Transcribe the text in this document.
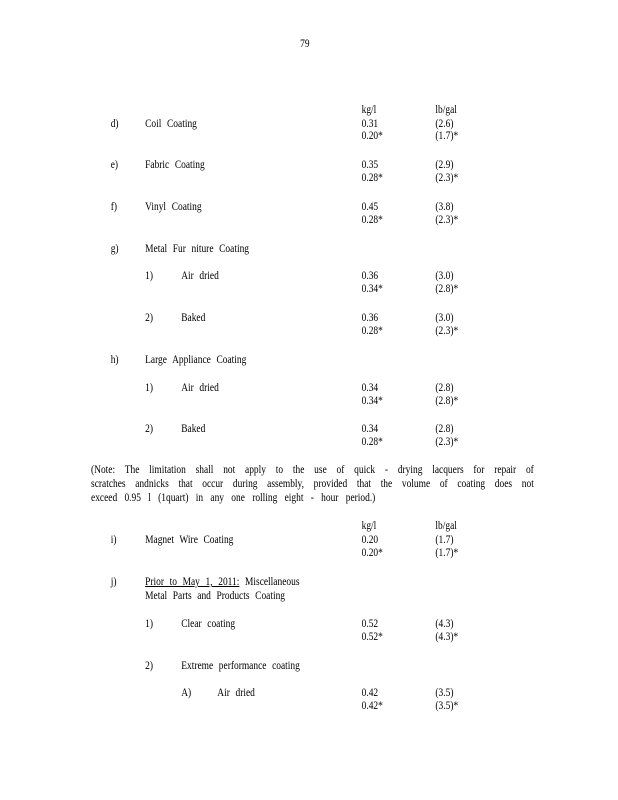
79
kg/l	lb/gal
d) Coil Coating	0.31	(2.6)
0.20*	(1.7)*
e) Fabric Coating	0.35	(2.9)
0.28*	(2.3)*
f) Vinyl Coating	0.45	(3.8)
0.28*	(2.3)*
g) Metal Fur niture Coating
1) Air dried	0.36	(3.0)
0.34*	(2.8)*
2) Baked	0.36	(3.0)
0.28*	(2.3)*
h) Large Appliance Coating
1) Air dried	0.34	(2.8)
0.34*	(2.8)*
2) Baked	0.34	(2.8)
0.28*	(2.3)*
(Note: The limitation shall not apply to the use of quick - drying lacquers for repair of scratches andnicks that occur during assembly, provided that the volume of coating does not exceed 0.95 l (1quart) in any one rolling eight - hour period.)
kg/l	lb/gal
i) Magnet Wire Coating	0.20	(1.7)
0.20*	(1.7)*
j) Prior to May 1, 2011: Miscellaneous
Metal Parts and Products Coating
1) Clear coating	0.52	(4.3)
0.52*	(4.3)*
2) Extreme performance coating
A) Air dried	0.42	(3.5)
0.42*	(3.5)*
